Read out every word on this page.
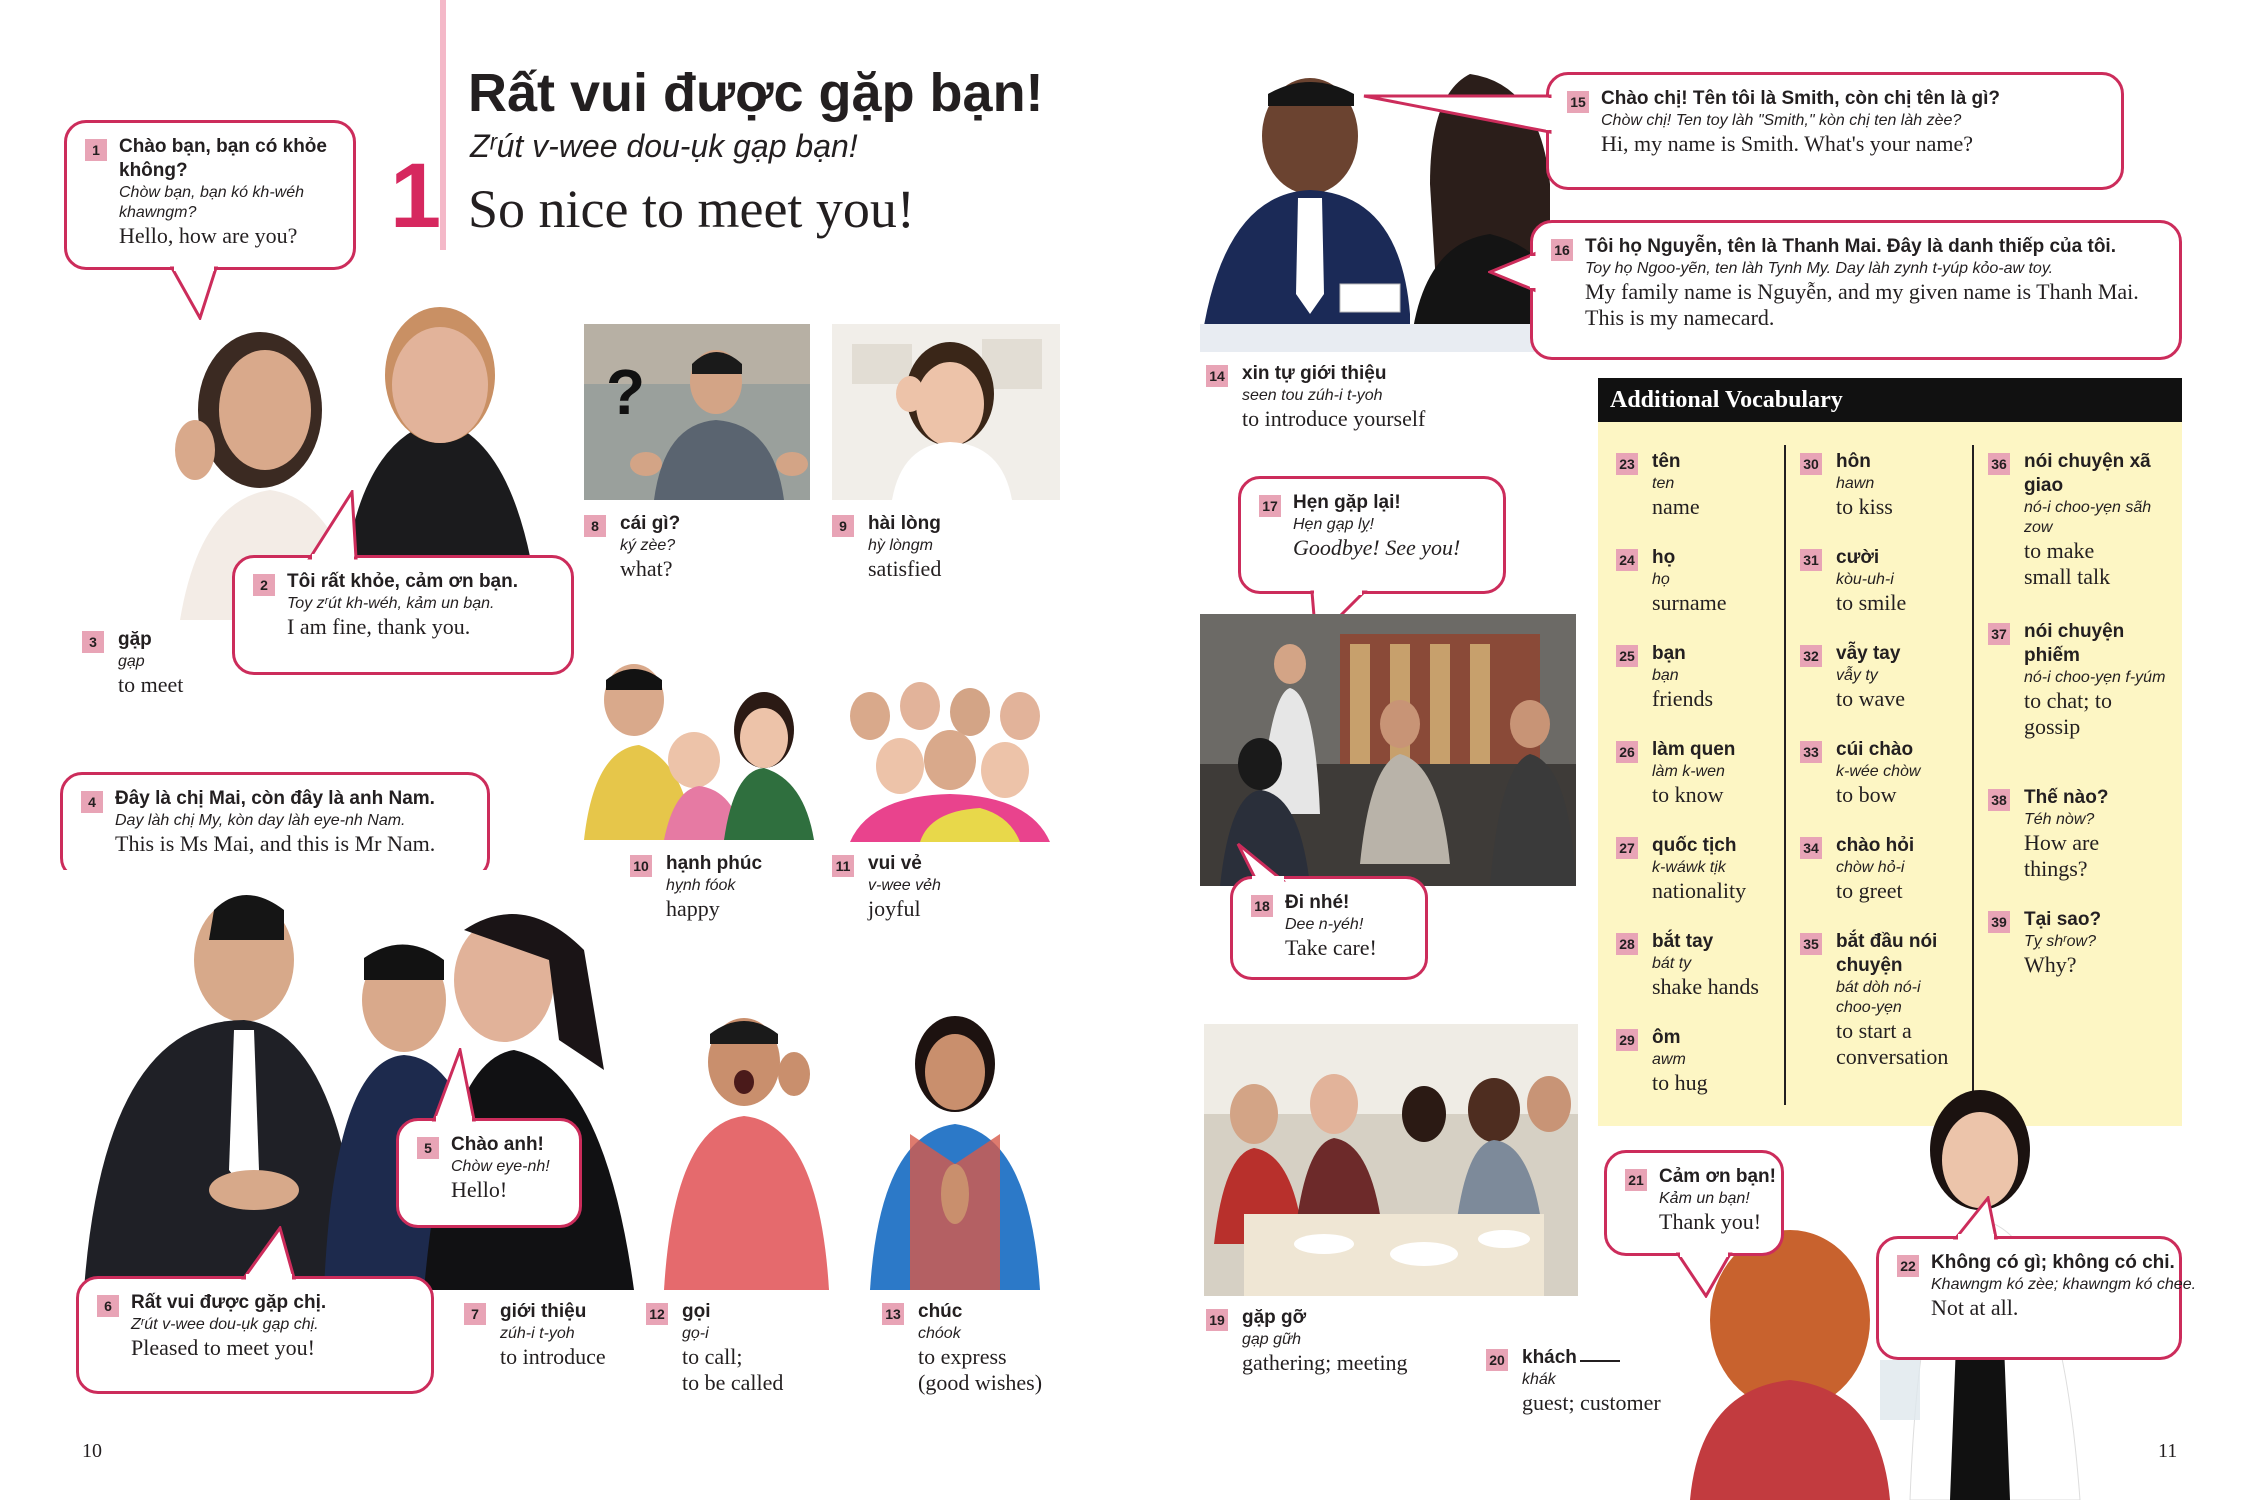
1
Rất vui được gặp bạn!
Zʳút v-wee dou-ụk gạp bạn!
So nice to meet you!
1	Chào bạn, bạn có khỏe không?
Chòw bạn, bạn kó kh-wéh khawngm?
Hello, how are you?
2	Tôi rất khỏe, cảm ơn bạn.
Toy zʳút kh-wéh, kảm un bạn.
I am fine, thank you.
3	gặp
gạp
to meet
4	Đây là chị Mai, còn đây là anh Nam.
Day làh chị My, kòn day làh eye-nh Nam.
This is Ms Mai, and this is Mr Nam.
5	Chào anh!
Chòw eye-nh!
Hello!
6	Rất vui được gặp chị.
Zʳút v-wee dou-ụk gạp chị.
Pleased to meet you!
7	giới thiệu
zúh-i t-yoh
to introduce
?
8	cái gì?
ký zèe?
what?
9	hài lòng
hỳ lòngm
satisfied
10 hạnh phúc
hỵnh fóok
happy
11 vui vẻ
v-wee vẻh
joyful
12 gọi
gọ-i
to call;
to be called
13 chúc
chóok
to express
(good wishes)
10
15 Chào chị! Tên tôi là Smith, còn chị tên là gì?
Chòw chị! Ten toy làh "Smith," kòn chị ten làh zèe?
Hi, my name is Smith. What's your name?
16 Tôi họ Nguyễn, tên là Thanh Mai. Đây là danh thiếp của tôi.
Toy họ Ngoo-yẽn, ten làh Tynh My. Day làh zynh t-yúp kỏo-aw toy.
My family name is Nguyễn, and my given name is Thanh Mai. This is my namecard.
14 xin tự giới thiệu
seen tou zúh-i t-yoh
to introduce yourself
17 Hẹn gặp lại!
Hẹn gạp lỵ!
Goodbye! See you!
18 Đi nhé!
Dee n-yéh!
Take care!
19 gặp gỡ
gạp gữh
gathering; meeting	20 khách
khák
guest; customer
Additional Vocabulary
23 tên
ten
name
24 họ
họ
surname
25 bạn
bạn
friends
26 làm quen
làm k-wen
to know
27 quốc tịch
k-wáwk tịk
nationality
28 bắt tay
bát ty
shake hands
29 ôm
awm
to hug
30 hôn
hawn
to kiss
31 cười
kòu-uh-i
to smile
32 vẫy tay
vẫy ty
to wave
33 cúi chào
k-wée chòw
to bow
34 chào hỏi
chòw hỏ-i
to greet
35 bắt đầu nói chuyện
bát dòh nó-i choo-yẹn
to start a conversation
36 nói chuyện xã giao
nó-i choo-yẹn sãh zow
to make small talk
37 nói chuyện phiếm
nó-i choo-yẹn f-yúm
to chat; to gossip
38 Thế nào?
Téh nòw?
How are things?
39 Tại sao?
Tỵ shʳow?
Why?
21 Cảm ơn bạn!
Kảm un bạn!
Thank you!
22 Không có gì; không có chi.
Khawngm kó zèe; khawngm kó chee.
Not at all.
11
